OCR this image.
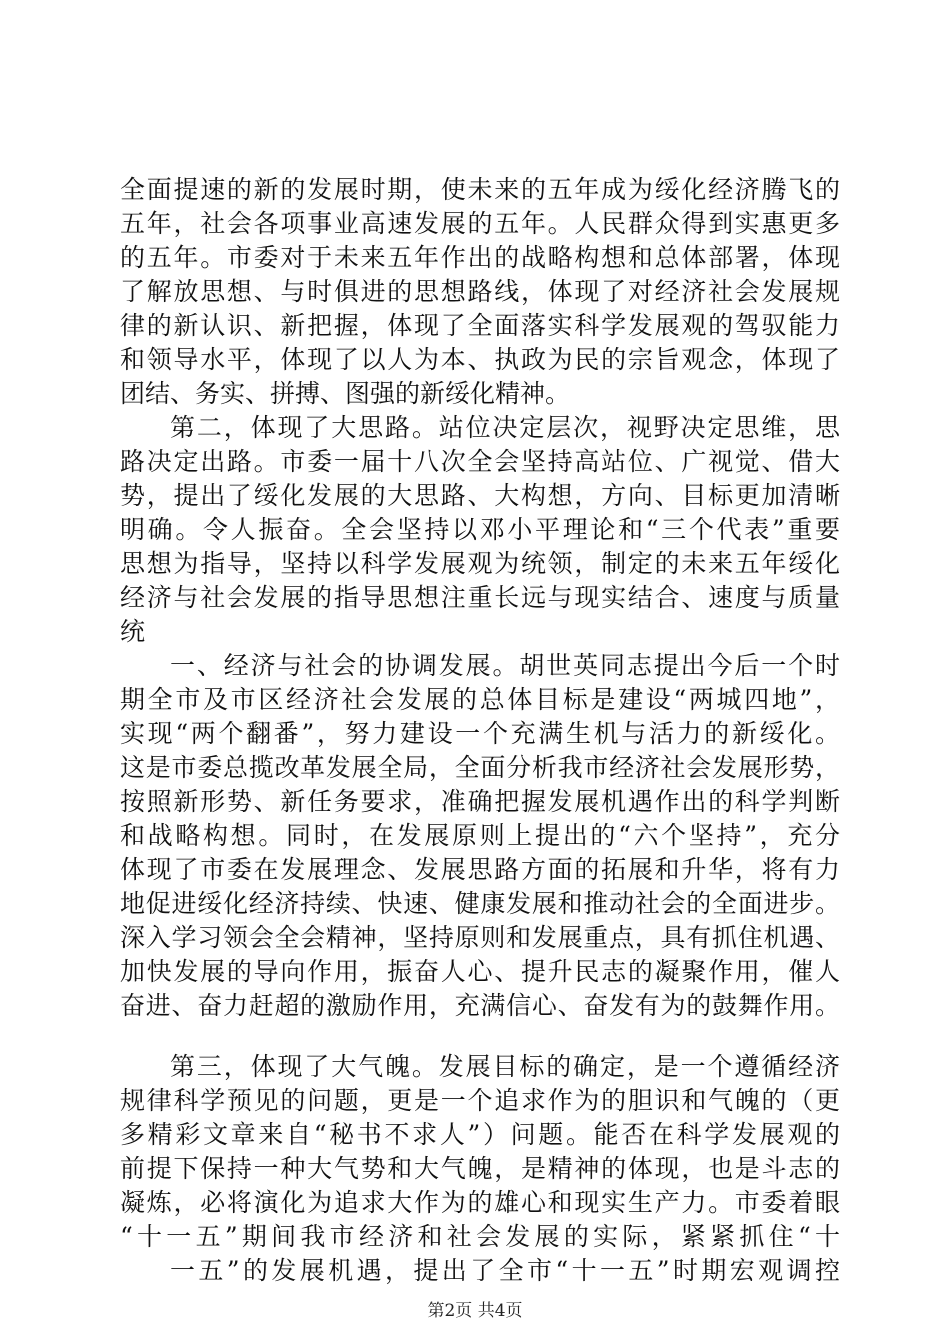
全面提速的新的发展时期，使未来的五年成为绥化经济腾飞的
五年，社会各项事业高速发展的五年。人民群众得到实惠更多
的五年。市委对于未来五年作出的战略构想和总体部署，体现
了解放思想、与时俱进的思想路线，体现了对经济社会发展规
律的新认识、新把握，体现了全面落实科学发展观的驾驭能力
和领导水平，体现了以人为本、执政为民的宗旨观念，体现了
团结、务实、拼搏、图强的新绥化精神。
第二，体现了大思路。站位决定层次，视野决定思维，思
路决定出路。市委一届十八次全会坚持高站位、广视觉、借大
势，提出了绥化发展的大思路、大构想，方向、目标更加清晰
明确。令人振奋。全会坚持以邓小平理论和“三个代表”重要
思想为指导，坚持以科学发展观为统领，制定的未来五年绥化
经济与社会发展的指导思想注重长远与现实结合、速度与质量
统
一、经济与社会的协调发展。胡世英同志提出今后一个时
期全市及市区经济社会发展的总体目标是建设“两城四地”，
实现“两个翻番”，努力建设一个充满生机与活力的新绥化。
这是市委总揽改革发展全局，全面分析我市经济社会发展形势，
按照新形势、新任务要求，准确把握发展机遇作出的科学判断
和战略构想。同时，在发展原则上提出的“六个坚持”，充分
体现了市委在发展理念、发展思路方面的拓展和升华，将有力
地促进绥化经济持续、快速、健康发展和推动社会的全面进步。
深入学习领会全会精神，坚持原则和发展重点，具有抓住机遇、
加快发展的导向作用，振奋人心、提升民志的凝聚作用，催人
奋进、奋力赶超的激励作用，充满信心、奋发有为的鼓舞作用。
第三，体现了大气魄。发展目标的确定，是一个遵循经济
规律科学预见的问题，更是一个追求作为的胆识和气魄的（更
多精彩文章来自“秘书不求人”）问题。能否在科学发展观的
前提下保持一种大气势和大气魄，是精神的体现，也是斗志的
凝炼，必将演化为追求大作为的雄心和现实生产力。市委着眼
“十一五”期间我市经济和社会发展的实际，紧紧抓住“十
一五”的发展机遇，提出了全市“十一五”时期宏观调控
第2页 共4页
